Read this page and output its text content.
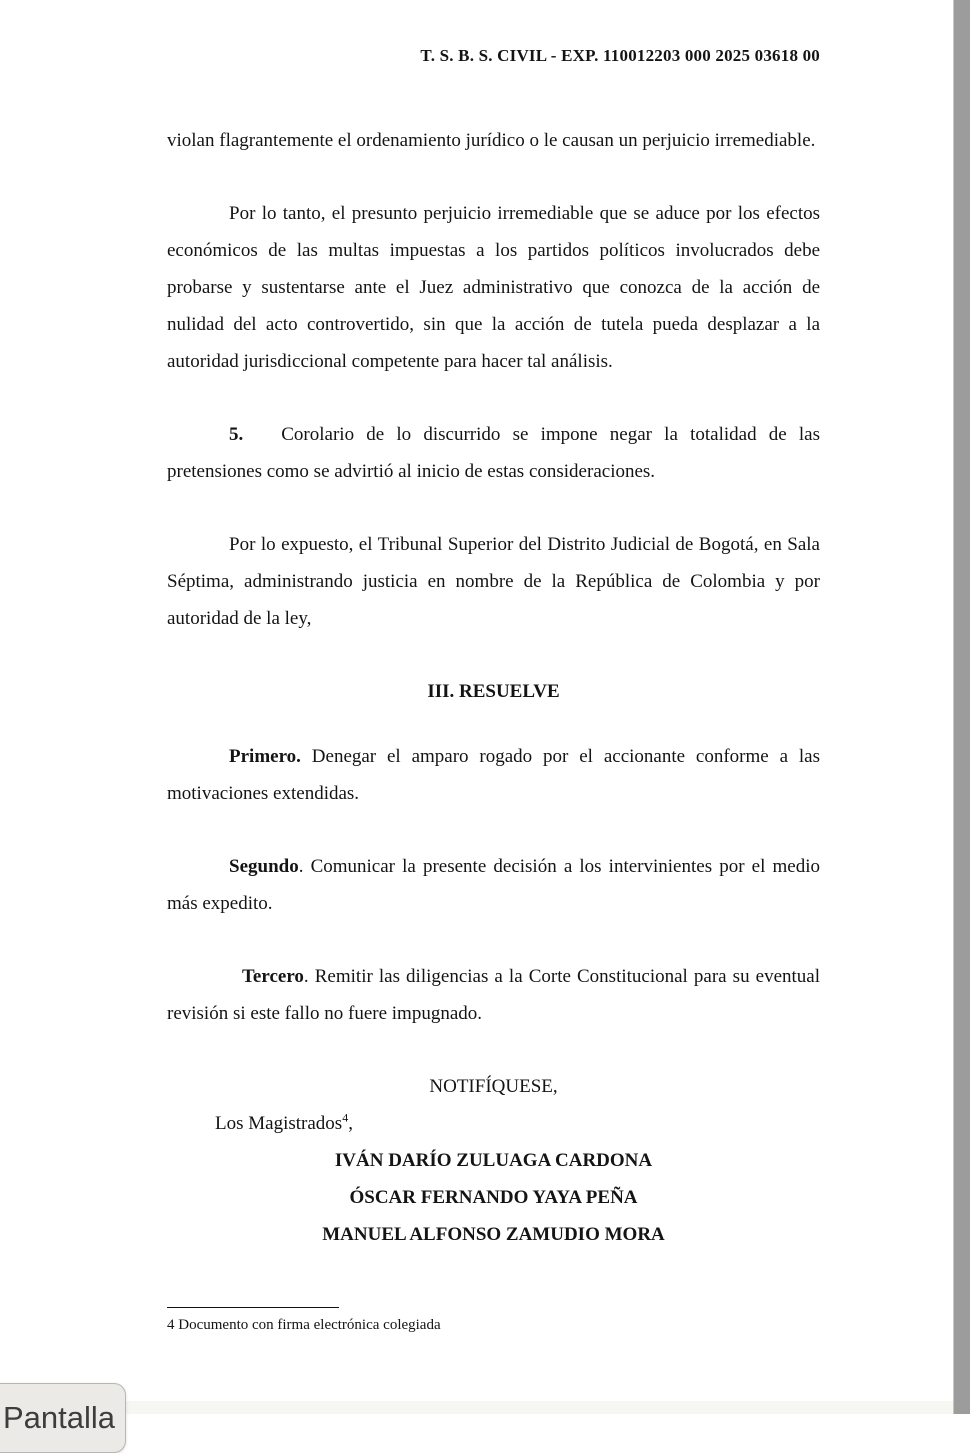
T. S. B. S. CIVIL - EXP. 110012203 000 2025 03618 00

violan flagrantemente el ordenamiento jurídico o le causan un perjuicio irremediable.

Por lo tanto, el presunto perjuicio irremediable que se aduce por los efectos económicos de las multas impuestas a los partidos políticos involucrados debe probarse y sustentarse ante el Juez administrativo que conozca de la acción de nulidad del acto controvertido, sin que la acción de tutela pueda desplazar a la autoridad jurisdiccional competente para hacer tal análisis.

5. Corolario de lo discurrido se impone negar la totalidad de las pretensiones como se advirtió al inicio de estas consideraciones.

Por lo expuesto, el Tribunal Superior del Distrito Judicial de Bogotá, en Sala Séptima, administrando justicia en nombre de la República de Colombia y por autoridad de la ley,

III. RESUELVE

Primero. Denegar el amparo rogado por el accionante conforme a las motivaciones extendidas.

Segundo. Comunicar la presente decisión a los intervinientes por el medio más expedito.

Tercero. Remitir las diligencias a la Corte Constitucional para su eventual revisión si este fallo no fuere impugnado.

NOTIFÍQUESE,
Los Magistrados$^4$,
IVÁN DARÍO ZULUAGA CARDONA
ÓSCAR FERNANDO YAYA PEÑA
MANUEL ALFONSO ZAMUDIO MORA
4 Documento con firma electrónica colegiada
Pantalla
